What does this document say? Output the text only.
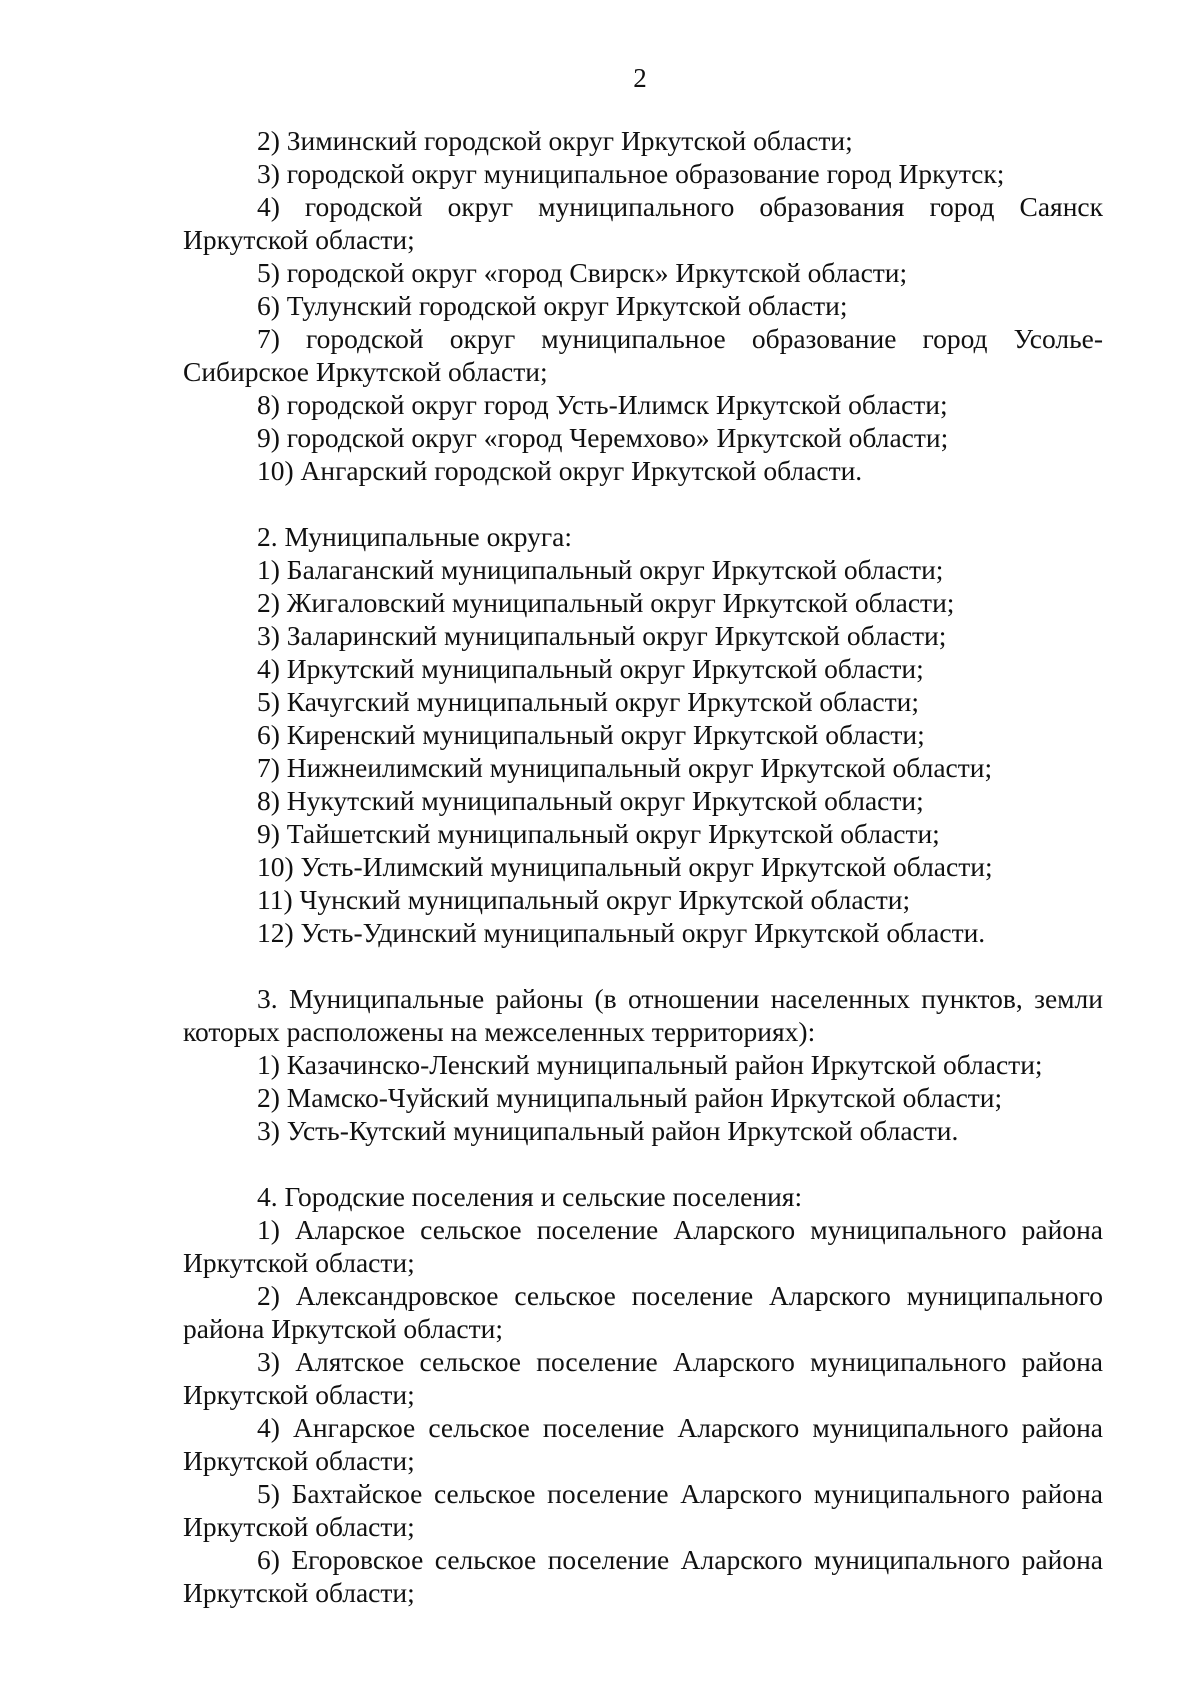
2

2) Зиминский городской округ Иркутской области;

3) городской округ муниципальное образование город Иркутск;

4) городской округ муниципального образования город Саянск Иркутской области;

5) городской округ «город Свирск» Иркутской области;

6) Тулунский городской округ Иркутской области;

7) городской округ муниципальное образование город Усолье-Сибирское Иркутской области;

8) городской округ город Усть-Илимск Иркутской области;

9) городской округ «город Черемхово» Иркутской области;

10) Ангарский городской округ Иркутской области.

2. Муниципальные округа:

1) Балаганский муниципальный округ Иркутской области;

2) Жигаловский муниципальный округ Иркутской области;

3) Заларинский муниципальный округ Иркутской области;

4) Иркутский муниципальный округ Иркутской области;

5) Качугский муниципальный округ Иркутской области;

6) Киренский муниципальный округ Иркутской области;

7) Нижнеилимский муниципальный округ Иркутской области;

8) Нукутский муниципальный округ Иркутской области;

9) Тайшетский муниципальный округ Иркутской области;

10) Усть-Илимский муниципальный округ Иркутской области;

11) Чунский муниципальный округ Иркутской области;

12) Усть-Удинский муниципальный округ Иркутской области.

3. Муниципальные районы (в отношении населенных пунктов, земли которых расположены на межселенных территориях):

1) Казачинско-Ленский муниципальный район Иркутской области;

2) Мамско-Чуйский муниципальный район Иркутской области;

3) Усть-Кутский муниципальный район Иркутской области.

4. Городские поселения и сельские поселения:

1) Аларское сельское поселение Аларского муниципального района Иркутской области;

2) Александровское сельское поселение Аларского муниципального района Иркутской области;

3) Алятское сельское поселение Аларского муниципального района Иркутской области;

4) Ангарское сельское поселение Аларского муниципального района Иркутской области;

5) Бахтайское сельское поселение Аларского муниципального района Иркутской области;

6) Егоровское сельское поселение Аларского муниципального района Иркутской области;
